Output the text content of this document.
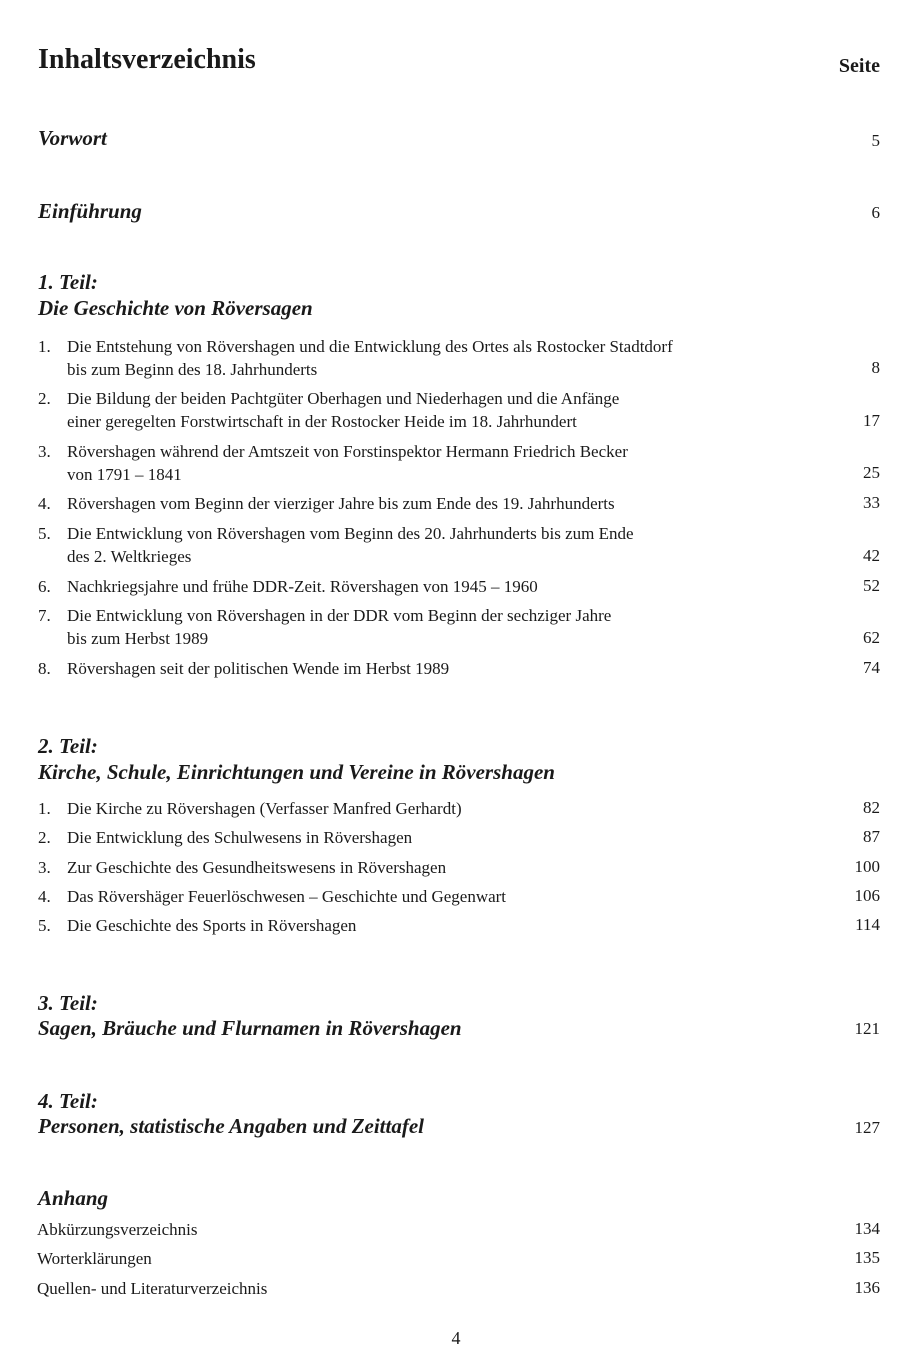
Inhaltsverzeichnis	Seite
Vorwort	5
Einführung	6
1. Teil:
Die Geschichte von Röversagen
1. Die Entstehung von Rövershagen und die Entwicklung des Ortes als Rostocker Stadtdorf
bis zum Beginn des 18. Jahrhunderts	8
2. Die Bildung der beiden Pachtgüter Oberhagen und Niederhagen und die Anfänge
einer geregelten Forstwirtschaft in der Rostocker Heide im 18. Jahrhundert	17
3. Rövershagen während der Amtszeit von Forstinspektor Hermann Friedrich Becker
von 1791 – 1841	25
4. Rövershagen vom Beginn der vierziger Jahre bis zum Ende des 19. Jahrhunderts	33
5. Die Entwicklung von Rövershagen vom Beginn des 20. Jahrhunderts bis zum Ende
des 2. Weltkrieges	42
6. Nachkriegsjahre und frühe DDR-Zeit. Rövershagen von 1945 – 1960	52
7. Die Entwicklung von Rövershagen in der DDR vom Beginn der sechziger Jahre
bis zum Herbst 1989	62
8. Rövershagen seit der politischen Wende im Herbst 1989	74
2. Teil:
Kirche, Schule, Einrichtungen und Vereine in Rövershagen
1. Die Kirche zu Rövershagen (Verfasser Manfred Gerhardt)	82
2. Die Entwicklung des Schulwesens in Rövershagen	87
3. Zur Geschichte des Gesundheitswesens in Rövershagen	100
4. Das Rövershäger Feuerlöschwesen – Geschichte und Gegenwart	106
5. Die Geschichte des Sports in Rövershagen	114
3. Teil:
Sagen, Bräuche und Flurnamen in Rövershagen	121
4. Teil:
Personen, statistische Angaben und Zeittafel	127
Anhang
Abkürzungsverzeichnis	134
Worterklärungen	135
Quellen- und Literaturverzeichnis	136
4
